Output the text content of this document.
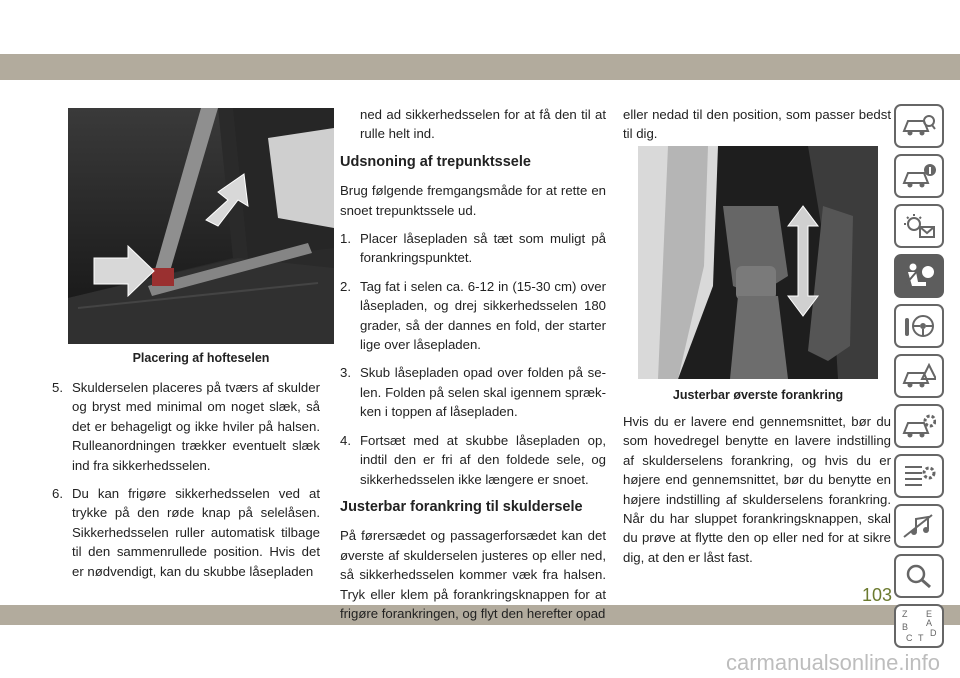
Placering af hofteselen
5. Skulderselen placeres på tværs af skulder og bryst med minimal om noget slæk, så det er behageligt og ikke hviler på halsen. Rulleanordningen trækker eventuelt slæk ind fra sikkerhedsselen.
6. Du kan frigøre sikkerhedsselen ved at trykke på den røde knap på selelåsen. Sikkerhedsselen ruller automatisk tilbage til den sammenrullede position. Hvis det er nødvendigt, kan du skubbe låsepladen

ned ad sikkerhedsselen for at få den til at rulle helt ind.

Udsnoning af trepunktssele

Brug følgende fremgangsmåde for at rette en snoet trepunktssele ud.

1. Placer låsepladen så tæt som muligt på forankringspunktet.
2. Tag fat i selen ca. 6-12 in (15-30 cm) over låsepladen, og drej sikkerhedsselen 180 grader, så der dannes en fold, der starter lige over låsepladen.
3. Skub låsepladen opad over folden på se-len. Folden på selen skal igennem spræk-ken i toppen af låsepladen.
4. Fortsæt med at skubbe låsepladen op, indtil den er fri af den foldede sele, og sikkerhedsselen ikke længere er snoet.
Justerbar forankring til skuldersele

På førersædet og passagerforsædet kan det øverste af skulderselen justeres op eller ned, så sikkerhedsselen kommer væk fra halsen. Tryk eller klem på forankringsknappen for at frigøre forankringen, og flyt den herefter opad

eller nedad til den position, som passer bedst til dig.

Justerbar øverste forankring

Hvis du er lavere end gennemsnittet, bør du som hovedregel benytte en lavere indstilling af skulderselens forankring, og hvis du er højere end gennemsnittet, bør du benytte en højere indstilling af skulderselens forankring. Når du har sluppet forankringsknappen, skal du prøve at flytte den op eller ned for at sikre dig, at den er låst fast.

Z E
B A
C T D
103
carmanualsonline.info
